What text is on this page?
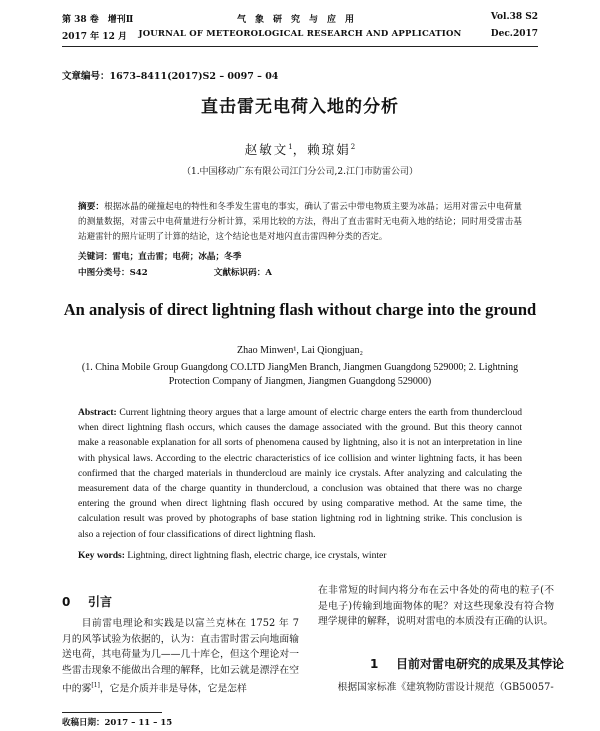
第 38 卷　增刊Ⅱ	气象研究与应用	Vol.38 S2
2017 年 12 月	JOURNAL OF METEOROLOGICAL RESEARCH AND APPLICATION	Dec.2017
文章编号：1673–8411(2017)S2 – 0097 – 04
直击雷无电荷入地的分析
赵敏文$^1$，赖琼娟$^2$
（1.中国移动广东有限公司江门分公司,2.江门市防雷公司）
摘要：根据冰晶的碰撞起电的特性和冬季发生雷电的事实，确认了雷云中带电物质主要为冰晶；运用对雷云中电荷量的测量数据，对雷云中电荷量进行分析计算，采用比较的方法，得出了直击雷时无电荷入地的结论；同时用受雷击基站避雷针的照片证明了计算的结论，这个结论也是对地闪直击雷四种分类的否定。
关键词：雷电；直击雷；电荷；冰晶；冬季
中图分类号：S42	文献标识码：A
An analysis of direct lightning flash without charge into the ground
Zhao Minwen¹, Lai Qiongjuan₂
(1. China Mobile Group Guangdong CO.LTD JiangMen Branch, Jiangmen Guangdong 529000; 2. Lightning Protection Company of Jiangmen, Jiangmen Guangdong 529000)
Abstract: Current lightning theory argues that a large amount of electric charge enters the earth from thundercloud when direct lightning flash occurs, which causes the damage associated with the ground. But this theory cannot make a reasonable explanation for all sorts of phenomena caused by lightning, also it is not an interpretation in line with physical laws. According to the electric characteristics of ice collision and winter lightning facts, it has been confirmed that the charged materials in thundercloud are mainly ice crystals. After analyzing and calculating the measurement data of the charge quantity in thundercloud, a conclusion was obtained that there was no charge entering the ground when direct lightning flash occured by using comparative method. At the same time, the calculation result was proved by photographs of base station lightning rod in lightning strike. This conclusion is also a rejection of four classifications of direct lightning flash.
Key words: Lightning, direct lightning flash, electric charge, ice crystals, winter
0 引言
目前雷电理论和实践是以富兰克林在 1752 年 7 月的风筝试验为依据的，认为：直击雷时雷云向地面输送电荷，其电荷量为几——几十库仑，但这个理论对一些雷击现象不能做出合理的解释，比如云就是漂浮在空中的雾[1]，它是介质并非是导体，它是怎样
在非常短的时间内将分布在云中各处的荷电的粒子(不是电子)传输到地面物体的呢？对这些现象没有符合物理学规律的解释，说明对雷电的本质没有正确的认识。
1 目前对雷电研究的成果及其悖论
根据国家标准《建筑物防雷设计规范（GB50057-
收稿日期：2017 – 11 – 15
